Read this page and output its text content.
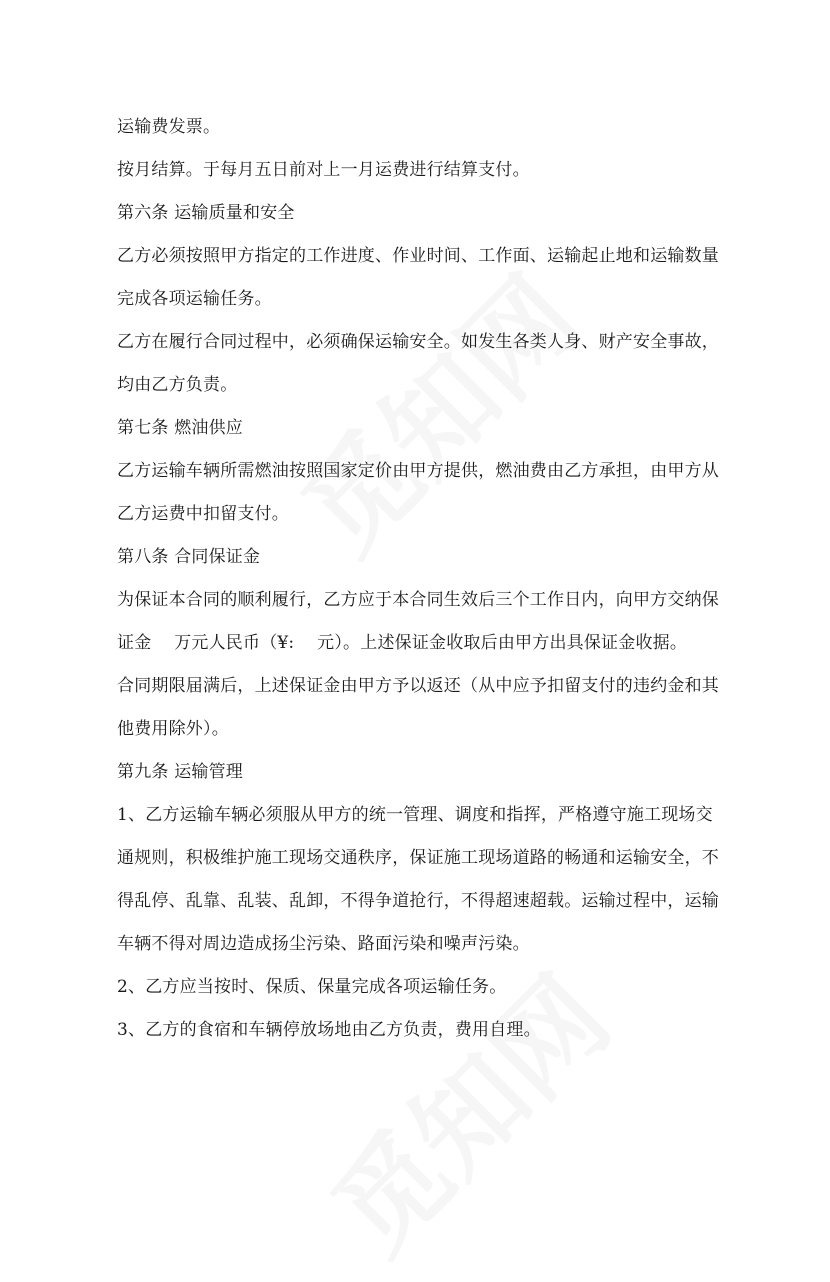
运输费发票。
按月结算。于每月五日前对上一月运费进行结算支付。
第六条 运输质量和安全
乙方必须按照甲方指定的工作进度、作业时间、工作面、运输起止地和运输数量
完成各项运输任务。
乙方在履行合同过程中，必须确保运输安全。如发生各类人身、财产安全事故，
均由乙方负责。
第七条 燃油供应
乙方运输车辆所需燃油按照国家定价由甲方提供，燃油费由乙方承担，由甲方从
乙方运费中扣留支付。
第八条 合同保证金
为保证本合同的顺利履行，乙方应于本合同生效后三个工作日内，向甲方交纳保
证金　 万元人民币（¥:　 元）。上述保证金收取后由甲方出具保证金收据。
合同期限届满后，上述保证金由甲方予以返还（从中应予扣留支付的违约金和其
他费用除外）。
第九条 运输管理
1、乙方运输车辆必须服从甲方的统一管理、调度和指挥，严格遵守施工现场交
通规则，积极维护施工现场交通秩序，保证施工现场道路的畅通和运输安全，不
得乱停、乱靠、乱装、乱卸，不得争道抢行，不得超速超载。运输过程中，运输
车辆不得对周边造成扬尘污染、路面污染和噪声污染。
2、乙方应当按时、保质、保量完成各项运输任务。
3、乙方的食宿和车辆停放场地由乙方负责，费用自理。
